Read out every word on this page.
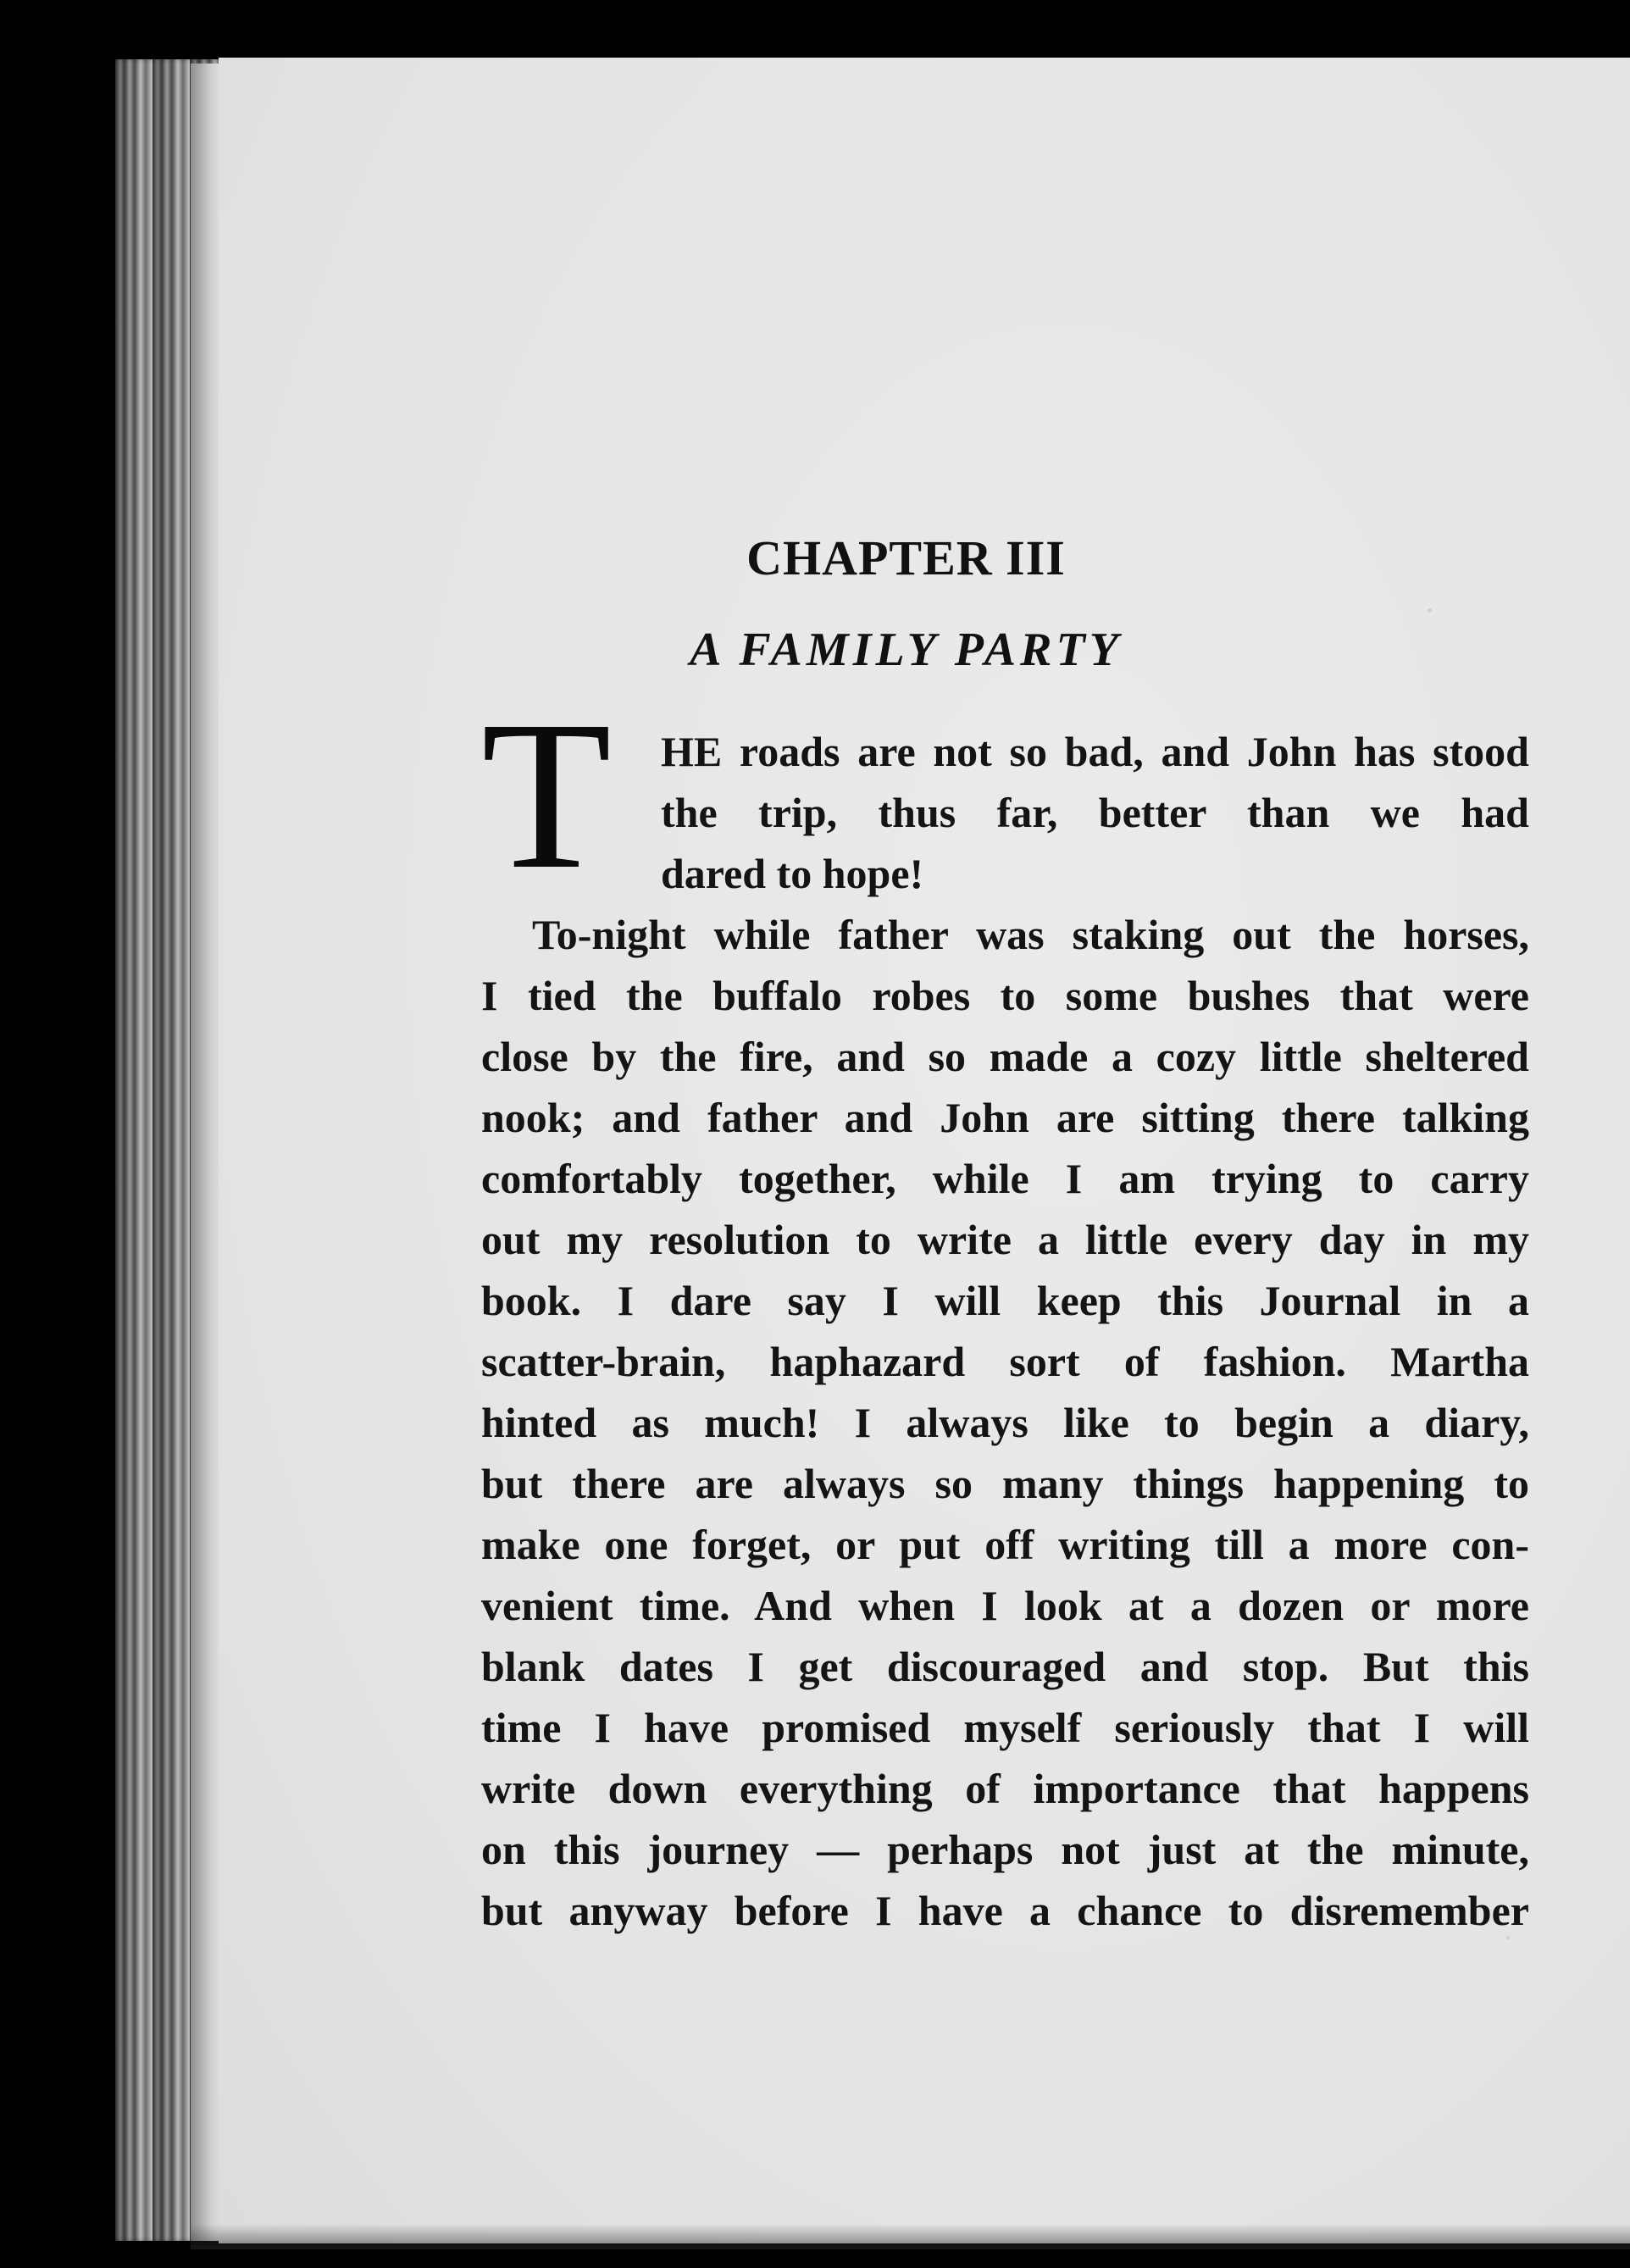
CHAPTER III
A FAMILY PARTY
T HE roads are not so bad, and John has stood
the trip, thus far, better than we had
dared to hope!
To-night while father was staking out the horses,
I tied the buffalo robes to some bushes that were
close by the fire, and so made a cozy little sheltered
nook; and father and John are sitting there talking
comfortably together, while I am trying to carry
out my resolution to write a little every day in my
book. I dare say I will keep this Journal in a
scatter-brain, haphazard sort of fashion. Martha
hinted as much! I always like to begin a diary,
but there are always so many things happening to
make one forget, or put off writing till a more con-
venient time. And when I look at a dozen or more
blank dates I get discouraged and stop. But this
time I have promised myself seriously that I will
write down everything of importance that happens
on this journey — perhaps not just at the minute,
but anyway before I have a chance to disremember
